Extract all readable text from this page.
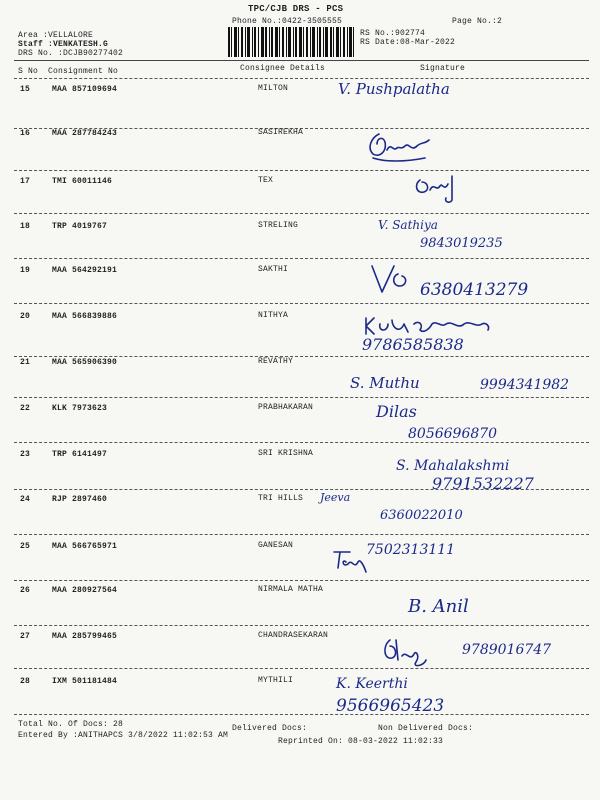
TPC/CJB DRS - PCS
Phone No.:0422-3505555	Page No.:2
Area :VELLALORE
Staff :VENKATESH.G
DRS No. :DCJB90277402
RS No.:902774
RS Date:08-Mar-2022
S No Consignment No	Consignee Details	Signature
15	MAA 857109694	MILTON	V. Pushpalatha
16	MAA 287784243	SASIREKHA
17	TMI 60011146	TEX
18	TRP 4019767	STRELING	V. Sathiya
9843019235
19	MAA 564292191	SAKTHI
6380413279
20	MAA 566839886	NITHYA
9786585838
21	MAA 565906390	REVATHY
S. Muthu	9994341982
22	KLK 7973623	PRABHAKARAN	Dilas
8056696870
23	TRP 6141497	SRI KRISHNA
S. Mahalakshmi
9791532227
24	RJP 2897460	TRI HILLS Jeeva
6360022010
25	MAA 566765971	GANESAN	7502313111
26	MAA 280927564	NIRMALA MATHA
B. Anil
27	MAA 285799465	CHANDRASEKARAN
9789016747
28	IXM 501181484	MYTHILI	K. Keerthi
9566965423
Total No. Of Docs: 28	Delivered Docs:	Non Delivered Docs:
Entered By :ANITHAPCS 3/8/2022 11:02:53 AM
Reprinted On: 08-03-2022 11:02:33
